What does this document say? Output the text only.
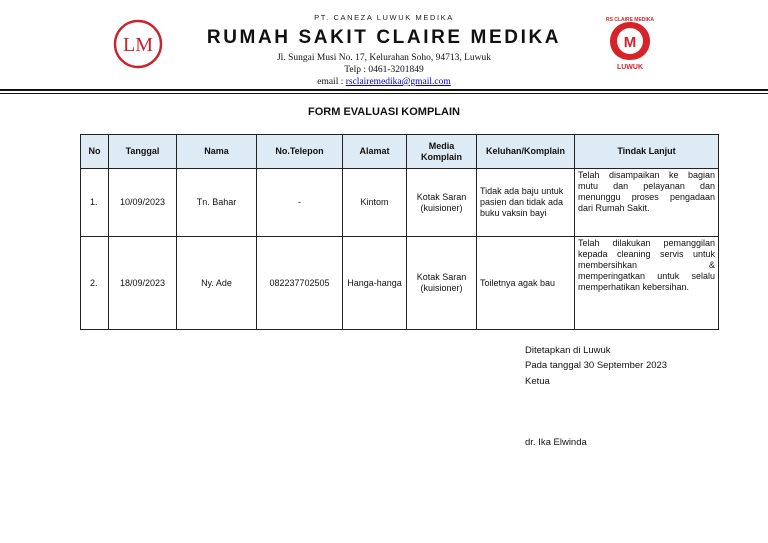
LM	M
RS CLAIRE MEDIKA
LUWUK
PT. CANEZA LUWUK MEDIKA
RUMAH SAKIT CLAIRE MEDIKA
Jl. Sungai Musi No. 17, Kelurahan Soho, 94713, Luwuk
Telp : 0461-3201849
email : rsclairemedika@gmail.com
FORM EVALUASI KOMPLAIN
No	Tanggal	Nama	No.Telepon	Alamat	Media Komplain	Keluhan/Komplain	Tindak Lanjut
1.	10/09/2023	Tn. Bahar	-	Kintom	Kotak Saran (kuisioner)	Tidak ada baju untuk pasien dan tidak ada buku vaksin bayi	Telah disampaikan ke bagian mutu dan pelayanan dan menunggu proses pengadaan dari Rumah Sakit.
2.	18/09/2023	Ny. Ade	082237702505	Hanga-hanga	Kotak Saran (kuisioner)	Toiletnya agak bau	Telah dilakukan pemanggilan kepada cleaning servis untuk membersihkan & memperingatkan untuk selalu memperhatikan kebersihan.
Ditetapkan di Luwuk
Pada tanggal 30 September 2023
Ketua
dr. Ika Elwinda
